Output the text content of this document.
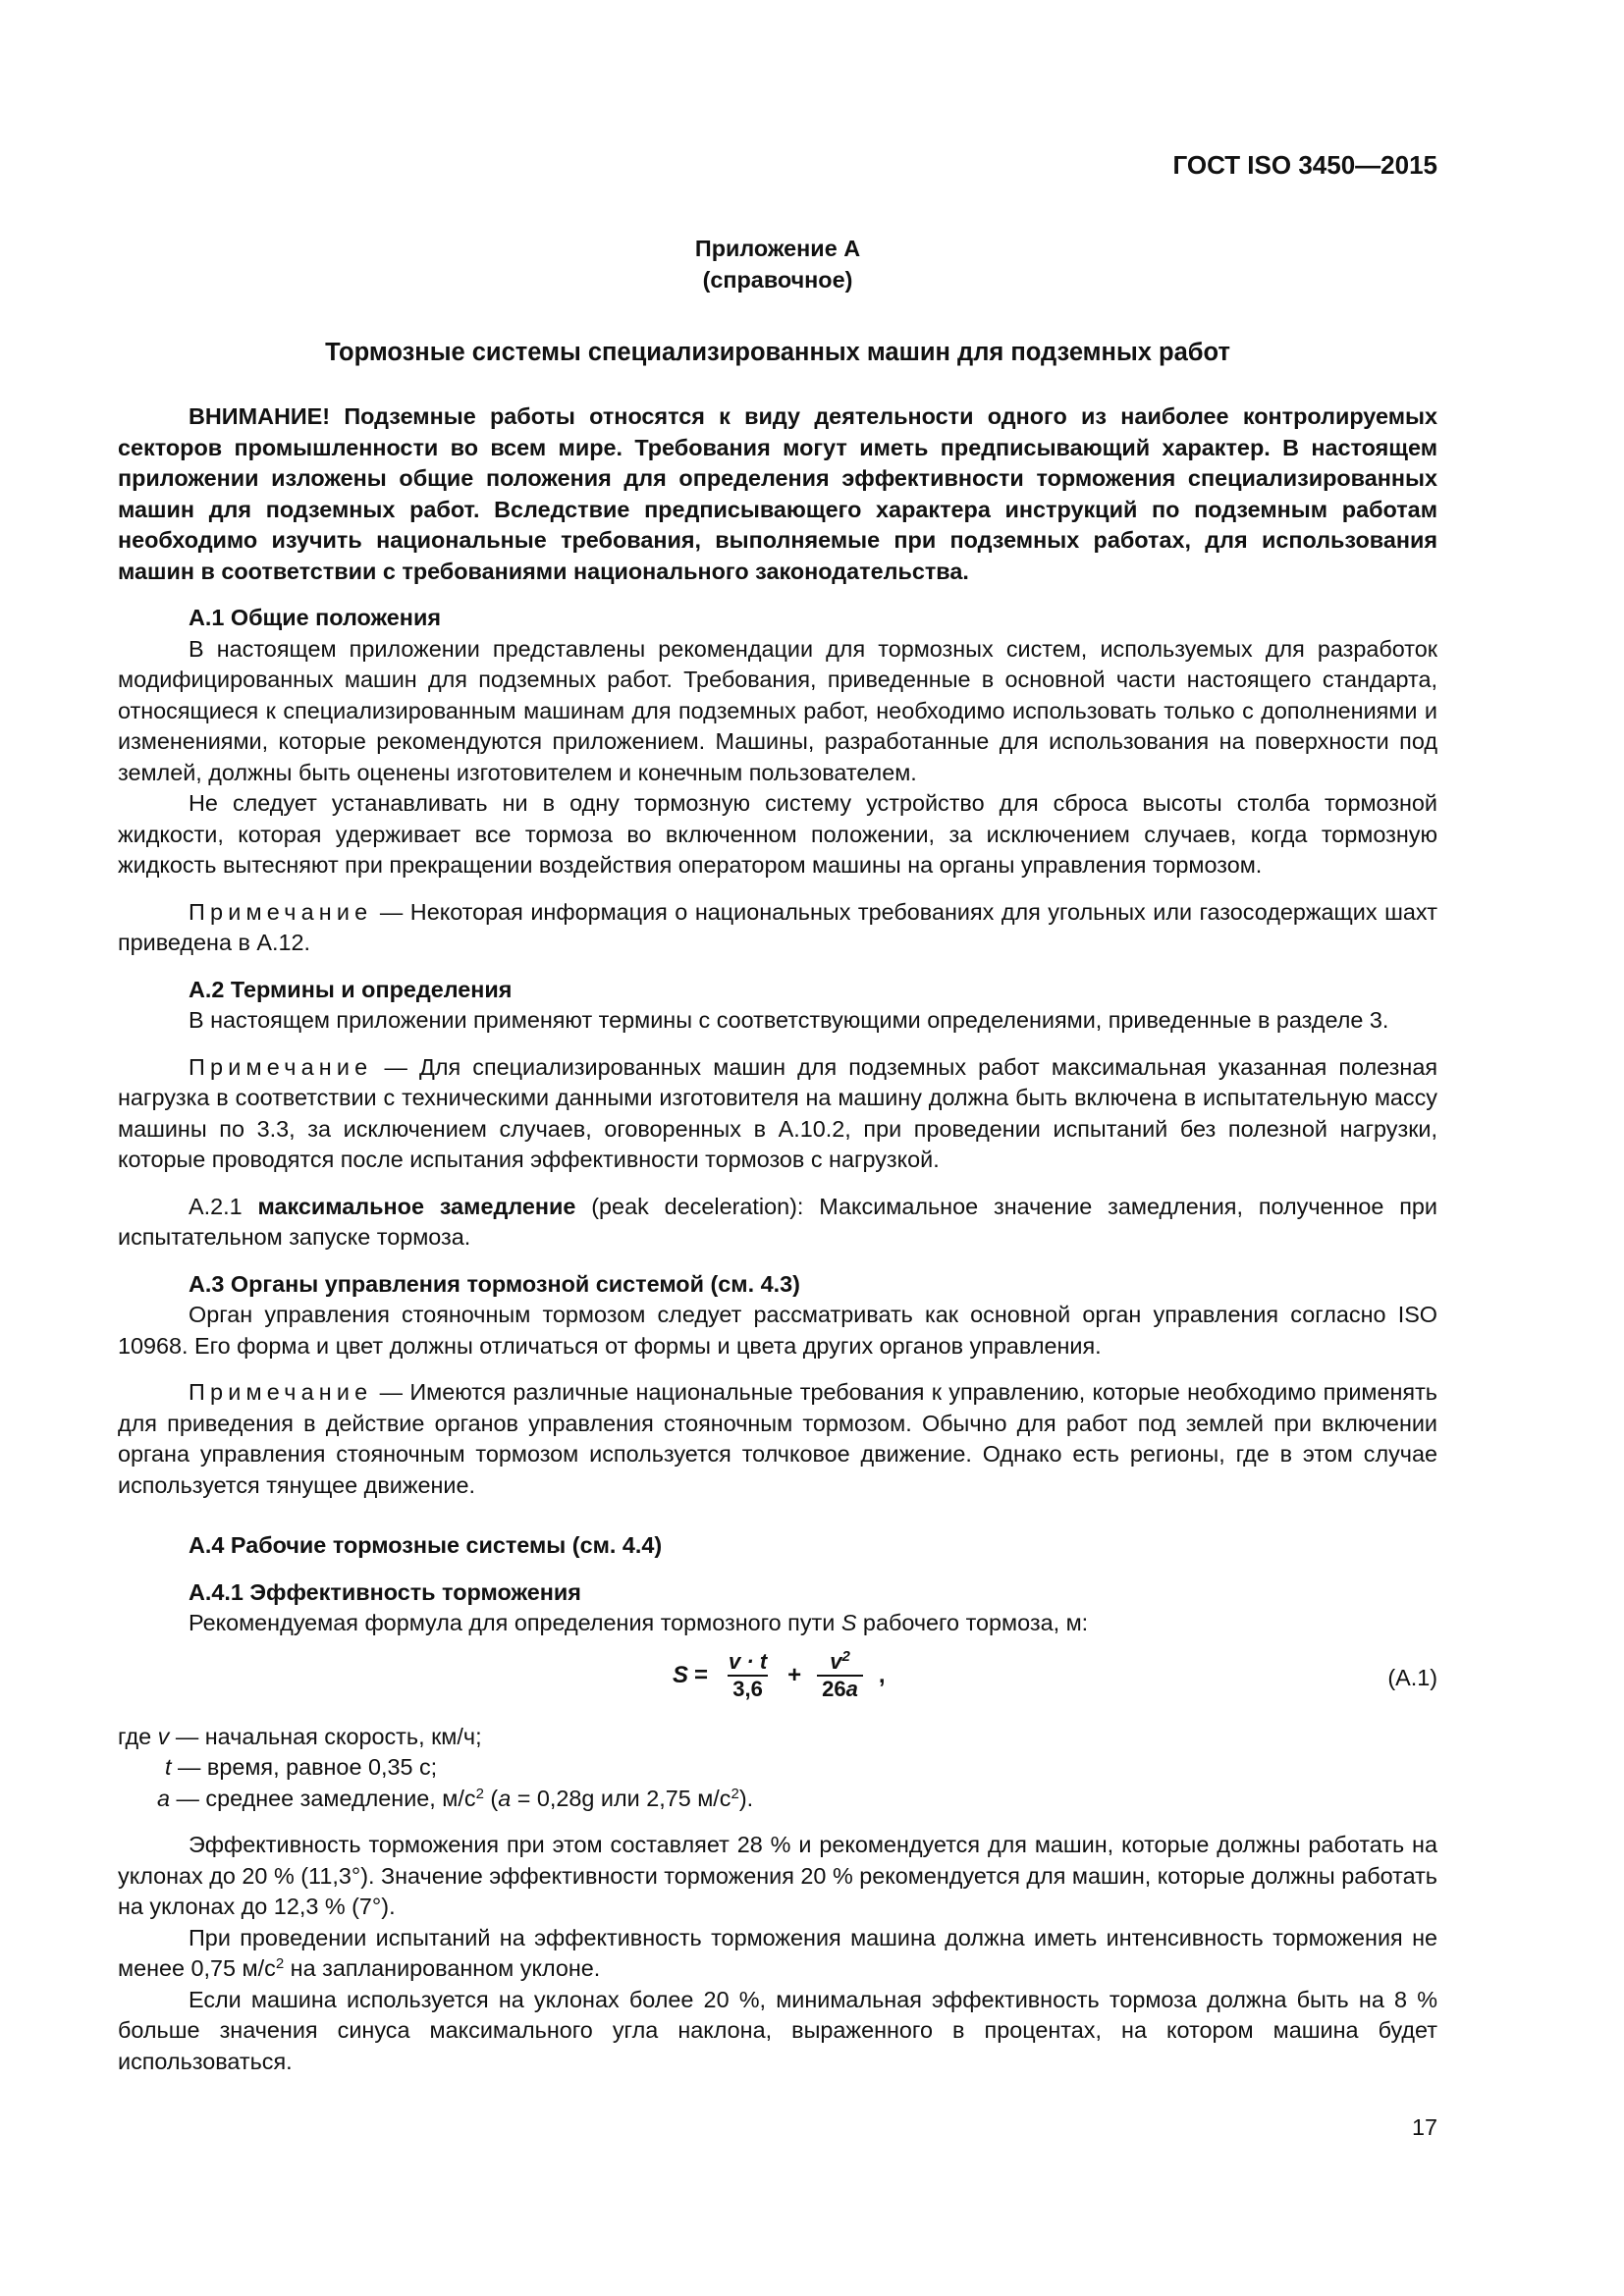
ГОСТ ISO 3450—2015

Приложение А

(справочное)

Тормозные системы специализированных машин для подземных работ

ВНИМАНИЕ! Подземные работы относятся к виду деятельности одного из наиболее контролируемых секторов промышленности во всем мире. Требования могут иметь предписывающий характер. В настоящем приложении изложены общие положения для определения эффективности торможения специализированных машин для подземных работ. Вследствие предписывающего характера инструкций по подземным работам необходимо изучить национальные требования, выполняемые при подземных работах, для использования машин в соответствии с требованиями национального законодательства.

А.1 Общие положения

В настоящем приложении представлены рекомендации для тормозных систем, используемых для разработок модифицированных машин для подземных работ. Требования, приведенные в основной части настоящего стандарта, относящиеся к специализированным машинам для подземных работ, необходимо использовать только с дополнениями и изменениями, которые рекомендуются приложением. Машины, разработанные для использования на поверхности под землей, должны быть оценены изготовителем и конечным пользователем.

Не следует устанавливать ни в одну тормозную систему устройство для сброса высоты столба тормозной жидкости, которая удерживает все тормоза во включенном положении, за исключением случаев, когда тормозную жидкость вытесняют при прекращении воздействия оператором машины на органы управления тормозом.

Примечание — Некоторая информация о национальных требованиях для угольных или газосодержащих шахт приведена в А.12.

А.2 Термины и определения

В настоящем приложении применяют термины с соответствующими определениями, приведенные в разделе 3.

Примечание — Для специализированных машин для подземных работ максимальная указанная полезная нагрузка в соответствии с техническими данными изготовителя на машину должна быть включена в испытательную массу машины по 3.3, за исключением случаев, оговоренных в А.10.2, при проведении испытаний без полезной нагрузки, которые проводятся после испытания эффективности тормозов с нагрузкой.

А.2.1 максимальное замедление (peak deceleration): Максимальное значение замедления, полученное при испытательном запуске тормоза.

А.3 Органы управления тормозной системой (см. 4.3)

Орган управления стояночным тормозом следует рассматривать как основной орган управления согласно ISO 10968. Его форма и цвет должны отличаться от формы и цвета других органов управления.

Примечание — Имеются различные национальные требования к управлению, которые необходимо применять для приведения в действие органов управления стояночным тормозом. Обычно для работ под землей при включении органа управления стояночным тормозом используется толчковое движение. Однако есть регионы, где в этом случае используется тянущее движение.

А.4 Рабочие тормозные системы (см. 4.4)

А.4.1 Эффективность торможения

Рекомендуемая формула для определения тормозного пути S рабочего тормоза, м:

$S = \frac{v \cdot t}{3,6} + \frac{v^2}{26a}$ ,	(А.1)

где v — начальная скорость, км/ч;

t — время, равное 0,35 с;

a — среднее замедление, $м/с^2$ (a = 0,28g или 2,75 $м/с^2$).

Эффективность торможения при этом составляет 28 % и рекомендуется для машин, которые должны работать на уклонах до 20 % (11,3°). Значение эффективности торможения 20 % рекомендуется для машин, которые должны работать на уклонах до 12,3 % (7°).

При проведении испытаний на эффективность торможения машина должна иметь интенсивность торможения не менее 0,75 $м/с^2$ на запланированном уклоне.

Если машина используется на уклонах более 20 %, минимальная эффективность тормоза должна быть на 8 % больше значения синуса максимального угла наклона, выраженного в процентах, на котором машина будет использоваться.

17
